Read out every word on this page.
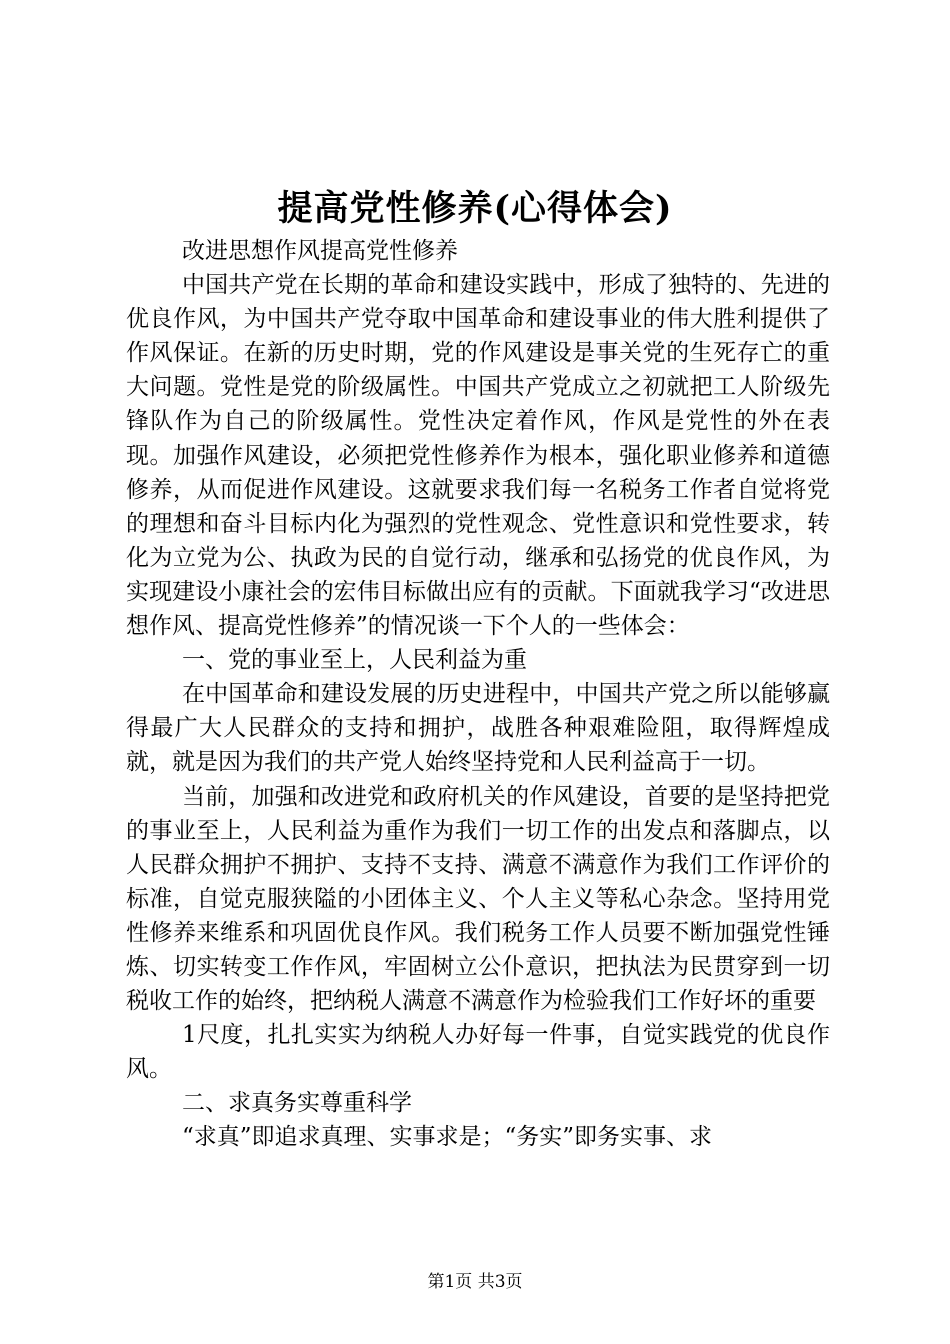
提高党性修养(心得体会)

改进思想作风提高党性修养

中国共产党在长期的革命和建设实践中，形成了独特的、先进的优良作风，为中国共产党夺取中国革命和建设事业的伟大胜利提供了作风保证。在新的历史时期，党的作风建设是事关党的生死存亡的重大问题。党性是党的阶级属性。中国共产党成立之初就把工人阶级先锋队作为自己的阶级属性。党性决定着作风，作风是党性的外在表现。加强作风建设，必须把党性修养作为根本，强化职业修养和道德修养，从而促进作风建设。这就要求我们每一名税务工作者自觉将党的理想和奋斗目标内化为强烈的党性观念、党性意识和党性要求，转化为立党为公、执政为民的自觉行动，继承和弘扬党的优良作风，为实现建设小康社会的宏伟目标做出应有的贡献。下面就我学习“改进思想作风、提高党性修养”的情况谈一下个人的一些体会：

一、党的事业至上，人民利益为重

在中国革命和建设发展的历史进程中，中国共产党之所以能够赢得最广大人民群众的支持和拥护，战胜各种艰难险阻，取得辉煌成就，就是因为我们的共产党人始终坚持党和人民利益高于一切。

当前，加强和改进党和政府机关的作风建设，首要的是坚持把党的事业至上，人民利益为重作为我们一切工作的出发点和落脚点，以人民群众拥护不拥护、支持不支持、满意不满意作为我们工作评价的标准，自觉克服狭隘的小团体主义、个人主义等私心杂念。坚持用党性修养来维系和巩固优良作风。我们税务工作人员要不断加强党性锤炼、切实转变工作作风，牢固树立公仆意识，把执法为民贯穿到一切税收工作的始终，把纳税人满意不满意作为检验我们工作好坏的重要

1尺度，扎扎实实为纳税人办好每一件事，自觉实践党的优良作风。

二、求真务实尊重科学

“求真”即追求真理、实事求是；“务实”即务实事、求

第1页 共3页
